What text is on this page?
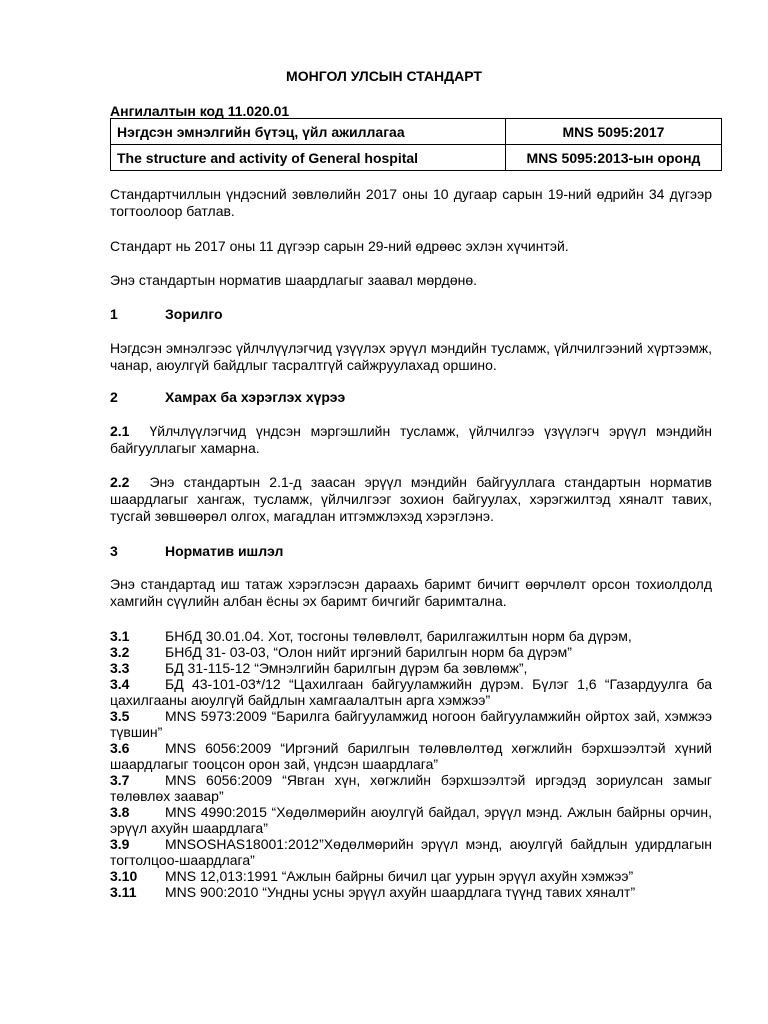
МОНГОЛ УЛСЫН СТАНДАРТ
Ангилалтын код 11.020.01
Нэгдсэн эмнэлгийн бүтэц, үйл ажиллагаа	MNS 5095:2017
The structure and activity of General hospital	MNS 5095:2013-ын оронд
Стандартчиллын үндэсний зөвлөлийн 2017 оны 10 дугаар сарын 19-ний өдрийн 34 дүгээр тогтоолоор батлав.
Стандарт нь 2017 оны 11 дүгээр сарын 29-ний өдрөөс эхлэн хүчинтэй.
Энэ стандартын норматив шаардлагыг заавал мөрдөнө.
1	Зорилго
Нэгдсэн эмнэлгээс үйлчлүүлэгчид үзүүлэх эрүүл мэндийн тусламж, үйлчилгээний хүртээмж, чанар, аюулгүй байдлыг тасралтгүй сайжруулахад оршино.
2	Хамрах ба хэрэглэх хүрээ
2.1 Үйлчлүүлэгчид үндсэн мэргэшлийн тусламж, үйлчилгээ үзүүлэгч эрүүл мэндийн байгууллагыг хамарна.
2.2 Энэ стандартын 2.1-д заасан эрүүл мэндийн байгууллага стандартын норматив шаардлагыг хангаж, тусламж, үйлчилгээг зохион байгуулах, хэрэгжилтэд хяналт тавих, тусгай зөвшөөрөл олгох, магадлан итгэмжлэхэд хэрэглэнэ.
3	Норматив ишлэл
Энэ стандартад иш татаж хэрэглэсэн дараахь баримт бичигт өөрчлөлт орсон тохиолдолд хамгийн сүүлийн албан ёсны эх баримт бичгийг баримтална.
3.1	БНбД 30.01.04. Хот, тосгоны төлөвлөлт, барилгажилтын норм ба дүрэм,
3.2	БНбД 31- 03-03, “Олон нийт иргэний барилгын норм ба дүрэм”
3.3	БД 31-115-12 “Эмнэлгийн барилгын дүрэм ба зөвлөмж”,
3.4	БД 43-101-03*/12 “Цахилгаан байгууламжийн дүрэм. Бүлэг 1,6 “Газардуулга ба цахилгааны аюулгүй байдлын хамгаалалтын арга хэмжээ”
3.5	MNS 5973:2009 “Барилга байгууламжид ногоон байгууламжийн ойртох зай, хэмжээ түвшин”
3.6	MNS 6056:2009 “Иргэний барилгын төлөвлөлтөд хөгжлийн бэрхшээлтэй хүний шаардлагыг тооцсон орон зай, үндсэн шаардлага”
3.7	MNS 6056:2009 “Явган хүн, хөгжлийн бэрхшээлтэй иргэдэд зориулсан замыг төлөвлөх заавар”
3.8	MNS 4990:2015 “Хөдөлмөрийн аюулгүй байдал, эрүүл мэнд. Ажлын байрны орчин, эрүүл ахуйн шаардлага”
3.9	MNSOSHAS18001:2012”Хөдөлмөрийн эрүүл мэнд, аюулгүй байдлын удирдлагын тогтолцоо-шаардлага”
3.10	MNS 12,013:1991 “Ажлын байрны бичил цаг уурын эрүүл ахуйн хэмжээ”
3.11	MNS 900:2010 “Ундны усны эрүүл ахуйн шаардлага түүнд тавих хяналт”
